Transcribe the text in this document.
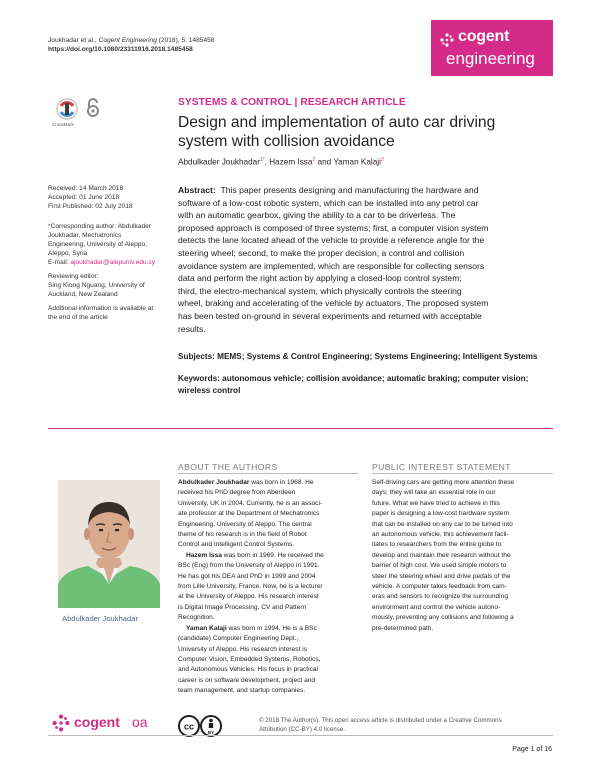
Joukhadar et al., Cogent Engineering (2018), 5: 1485458
https://doi.org/10.1080/23311916.2018.1485458
cogent
engineering
CrossMark
SYSTEMS & CONTROL | RESEARCH ARTICLE
Design and implementation of auto car driving
system with collision avoidance
Abdulkader Joukhadar$^{1*}$, Hazem Issa$^2$ and Yaman Kalaji$^2$
Received: 14 March 2018
Accepted: 01 June 2018
First Published: 02 July 2018
*Corresponding author: Abdulkader
Joukhadar, Mechatronics
Engineering, University of Aleppo,
Aleppo, Syria
E-mail: ajoukhadar@alepuniv.edu.sy
Reviewing editor:
Sing Kiong Nguang, University of
Auckland, New Zealand
Additional information is available at
the end of the article
Abstract: This paper presents designing and manufacturing the hardware and
software of a low-cost robotic system, which can be installed into any petrol car
with an automatic gearbox, giving the ability to a car to be driverless. The
proposed approach is composed of three systems; first, a computer vision system
detects the lane located ahead of the vehicle to provide a reference angle for the
steering wheel; second, to make the proper decision, a control and collision
avoidance system are implemented, which are responsible for collecting sensors
data and perform the right action by applying a closed-loop control system;
third, the electro-mechanical system, which physically controls the steering
wheel, braking and accelerating of the vehicle by actuators. The proposed system
has been tested on-ground in several experiments and returned with acceptable
results.
Subjects: MEMS; Systems & Control Engineering; Systems Engineering; Intelligent Systems
Keywords: autonomous vehicle; collision avoidance; automatic braking; computer vision;
wireless control
ABOUT THE AUTHORS
Abdulkader Joukhadar

Abdulkader Joukhadar was born in 1968. He
received his PhD degree from Aberdeen
University, UK in 2004. Currently, he is an associ-
ate professor at the Department of Mechatronics
Engineering, University of Aleppo. The central
theme of his research is in the field of Robot
Control and Intelligent Control Systems.

Hazem Issa was born in 1969. He received the
BSc (Eng) from the University of Aleppo in 1991.
He has got his DEA and PhD in 1999 and 2004
from Lille University, France. Now, he is a lecturer
at the University of Aleppo. His research interest
is Digital Image Processing, CV and Pattern
Recognition.

Yaman Kalaji was born in 1994. He is a BSc
(candidate) Computer Engineering Dept.,
University of Aleppo. His research interest is
Computer Vision, Embedded Systems, Robotics,
and Autonomous Vehicles. His focus in practical
career is on software development, project and
team management, and startup companies.

PUBLIC INTEREST STATEMENT
Self-driving cars are getting more attention these
days; they will take an essential role in our
future. What we have tried to achieve in this
paper is designing a low-cost hardware system
that can be installed on any car to be turned into
an autonomous vehicle, this achievement facil-
itates to researchers from the entire globe to
develop and maintain their research without the
barrier of high cost. We used simple motors to
steer the steering wheel and drive pedals of the
vehicle. A computer takes feedback from cam-
eras and sensors to recognize the surrounding
environment and control the vehicle autono-
mously, preventing any collisions and following a
pre-determined path.
cogent oa	cc
BY
© 2018 The Author(s). This open access article is distributed under a Creative Commons
Attribution (CC-BY) 4.0 license.
Page 1 of 16
